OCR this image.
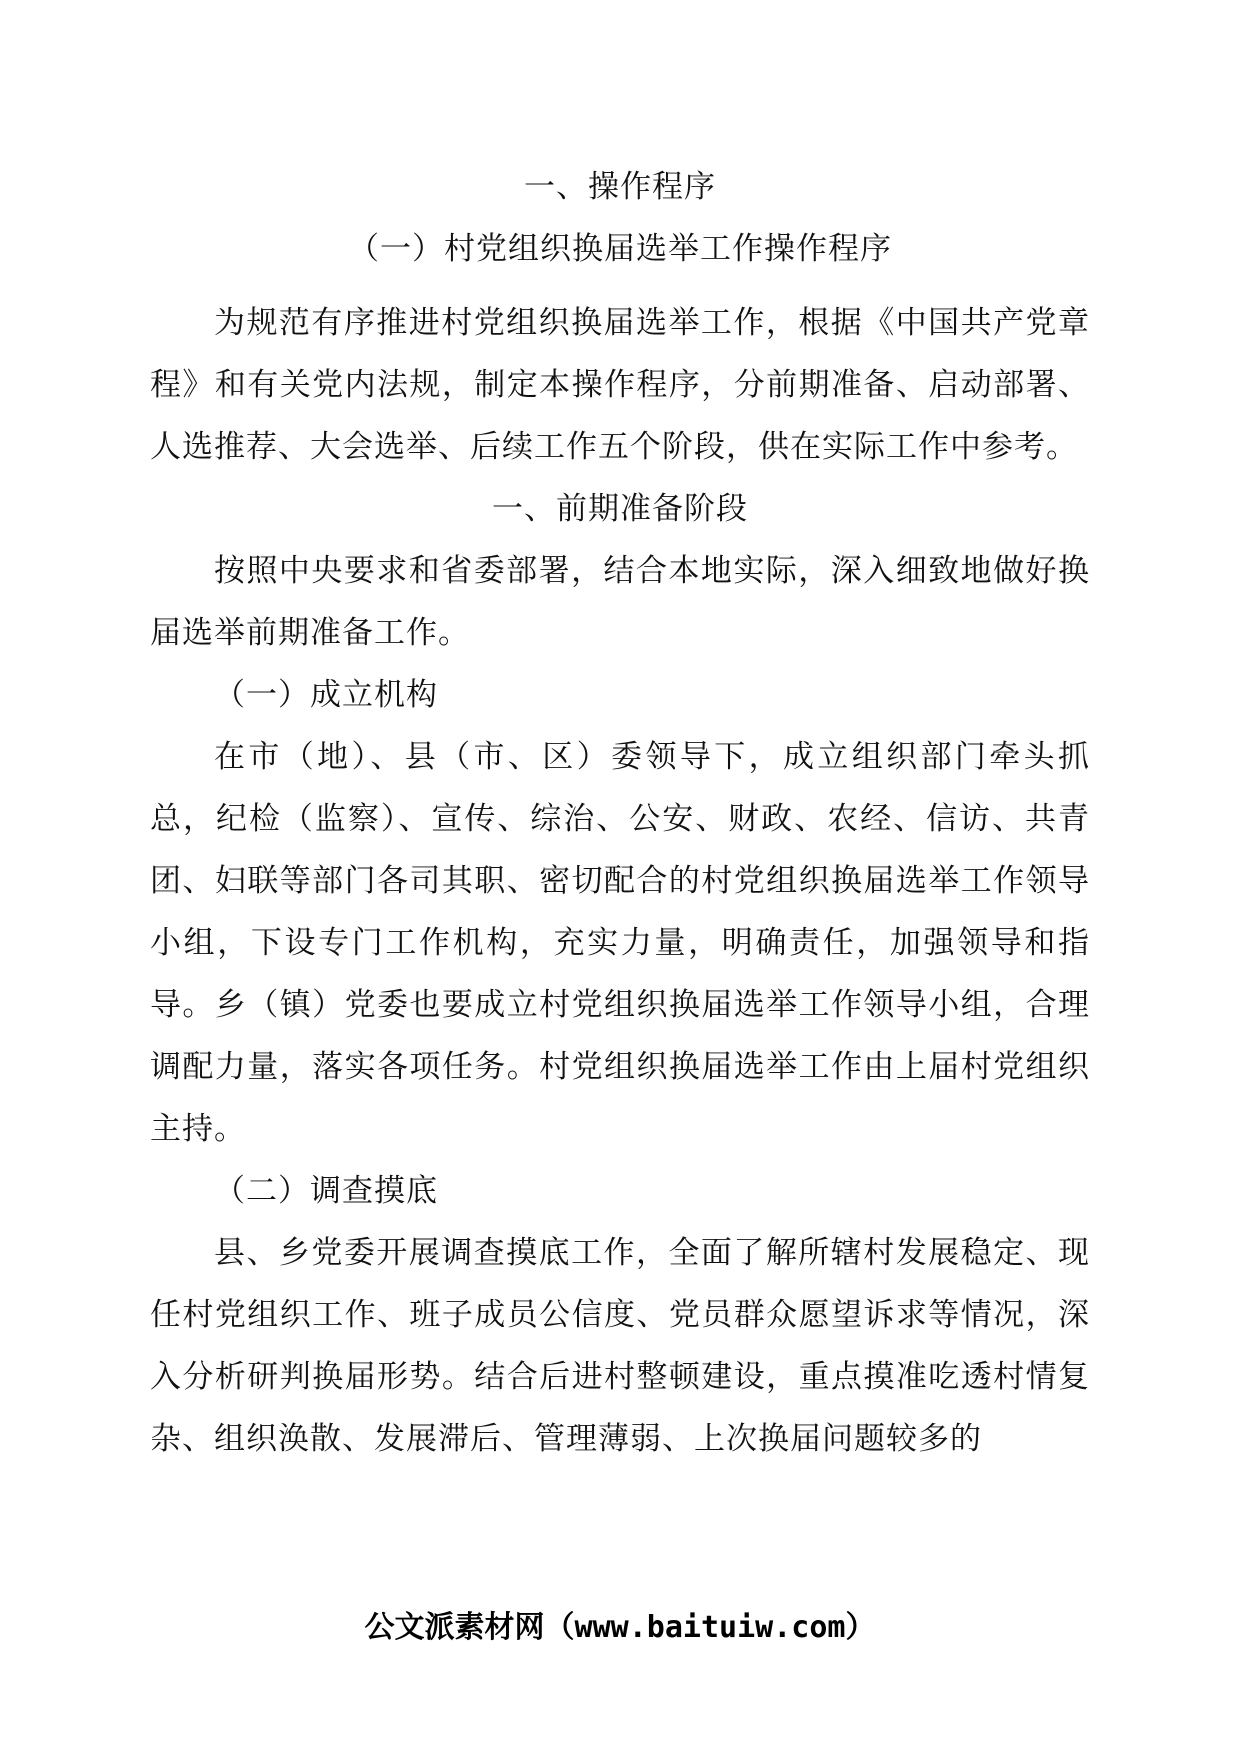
一、操作程序

（一）村党组织换届选举工作操作程序

为规范有序推进村党组织换届选举工作，根据《中国共产党章程》和有关党内法规，制定本操作程序，分前期准备、启动部署、人选推荐、大会选举、后续工作五个阶段，供在实际工作中参考。

一、前期准备阶段

按照中央要求和省委部署，结合本地实际，深入细致地做好换届选举前期准备工作。

（一）成立机构

在市（地）、县（市、区）委领导下，成立组织部门牵头抓总，纪检（监察）、宣传、综治、公安、财政、农经、信访、共青团、妇联等部门各司其职、密切配合的村党组织换届选举工作领导小组，下设专门工作机构，充实力量，明确责任，加强领导和指导。乡（镇）党委也要成立村党组织换届选举工作领导小组，合理调配力量，落实各项任务。村党组织换届选举工作由上届村党组织主持。

（二）调查摸底

县、乡党委开展调查摸底工作，全面了解所辖村发展稳定、现任村党组织工作、班子成员公信度、党员群众愿望诉求等情况，深入分析研判换届形势。结合后进村整顿建设，重点摸准吃透村情复杂、组织涣散、发展滞后、管理薄弱、上次换届问题较多的

公文派素材网（www.baituiw.com）
